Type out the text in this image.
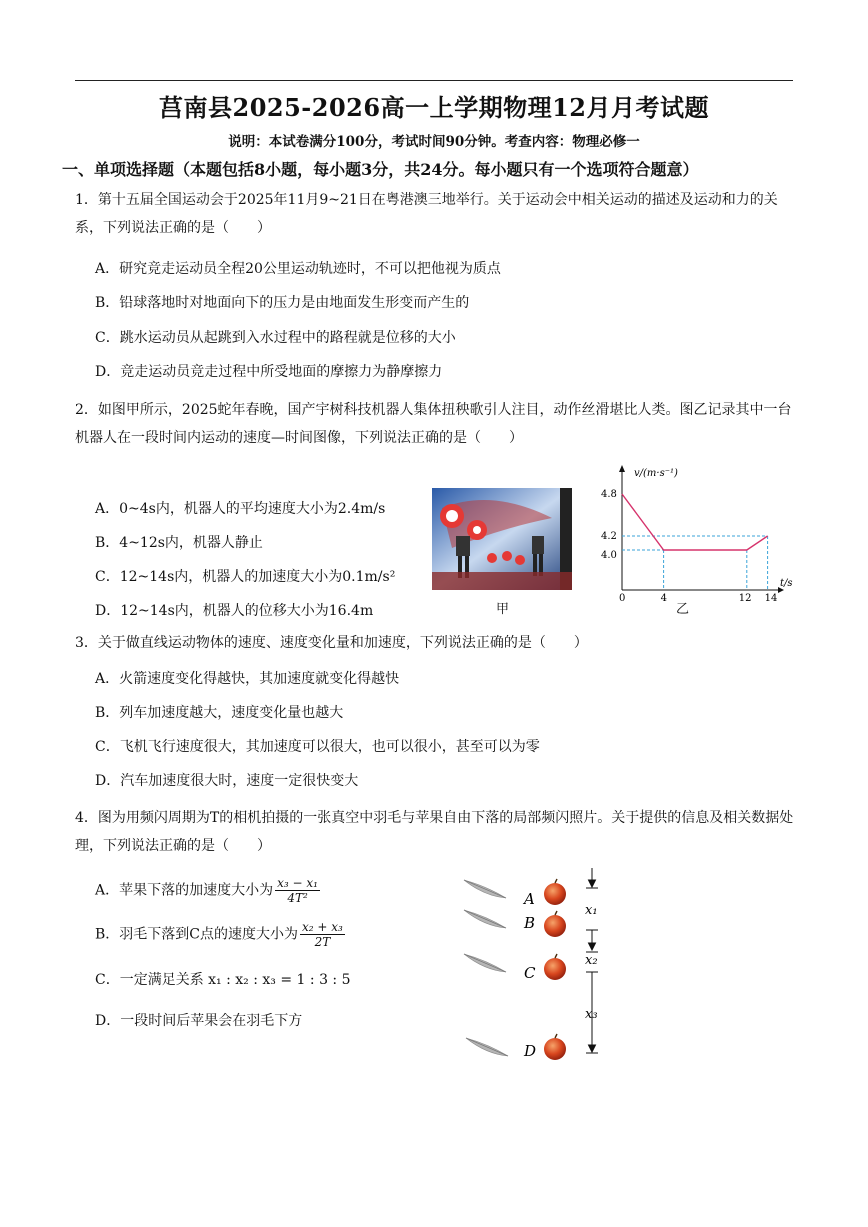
莒南县2025-2026高一上学期物理12月月考试题
说明：本试卷满分100分，考试时间90分钟。考查内容：物理必修一
一、单项选择题（本题包括8小题，每小题3分，共24分。每小题只有一个选项符合题意）
1．第十五届全国运动会于2025年11月9~21日在粤港澳三地举行。关于运动会中相关运动的描述及运动和力的关系，下列说法正确的是（　　）
A．研究竞走运动员全程20公里运动轨迹时，不可以把他视为质点
B．铅球落地时对地面向下的压力是由地面发生形变而产生的
C．跳水运动员从起跳到入水过程中的路程就是位移的大小
D．竞走运动员竞走过程中所受地面的摩擦力为静摩擦力
2．如图甲所示，2025蛇年春晚，国产宇树科技机器人集体扭秧歌引人注目，动作丝滑堪比人类。图乙记录其中一台机器人在一段时间内运动的速度—时间图像，下列说法正确的是（　　）
A．0~4s内，机器人的平均速度大小为2.4m/s
B．4~12s内，机器人静止
C．12~14s内，机器人的加速度大小为0.1m/s²
D．12~14s内，机器人的位移大小为16.4m	甲
0	4	12 14
4.8
4.2
4.0
v/(m·s⁻¹)
t/s
乙
3．关于做直线运动物体的速度、速度变化量和加速度，下列说法正确的是（　　）
A．火箭速度变化得越快，其加速度就变化得越快
B．列车加速度越大，速度变化量也越大
C．飞机飞行速度很大，其加速度可以很大，也可以很小，甚至可以为零
D．汽车加速度很大时，速度一定很快变大
4．图为用频闪周期为T的相机拍摄的一张真空中羽毛与苹果自由下落的局部频闪照片。关于提供的信息及相关数据处理，下列说法正确的是（　　）
A．苹果下落的加速度大小为 $\frac{\text{x₃ − x₁}}{\text{4T²}}$
B．羽毛下落到C点的速度大小为 $\frac{\text{x₂ + x₃}}{2T}$
C．一定满足关系 x₁ : x₂ : x₃ = 1 : 3 : 5
D．一段时间后苹果会在羽毛下方
A
B
C
D
x₁
x₂
x₃
